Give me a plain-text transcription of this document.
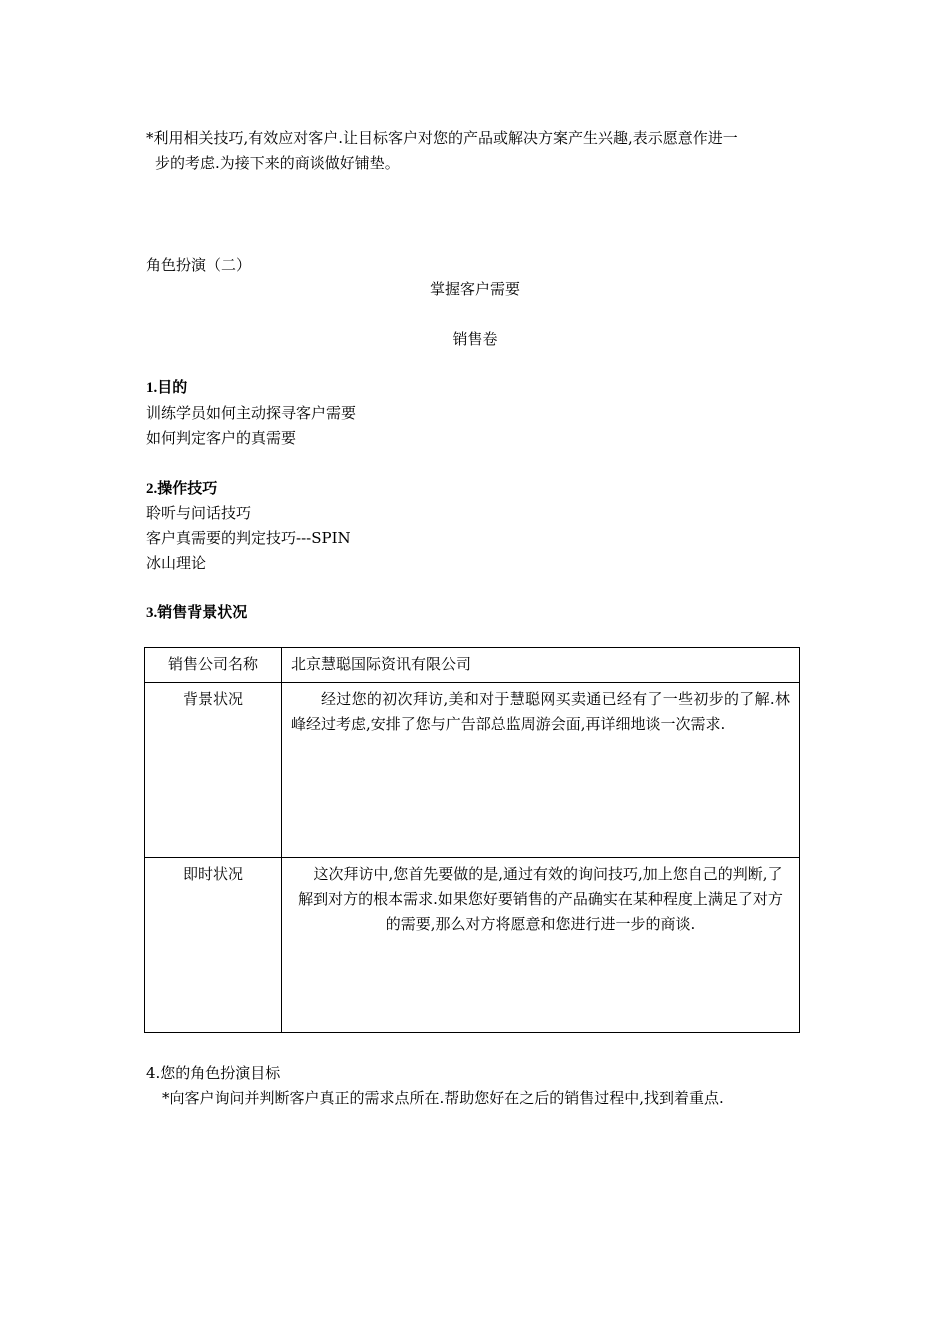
*利用相关技巧,有效应对客户.让目标客户对您的产品或解决方案产生兴趣,表示愿意作进一
步的考虑.为接下来的商谈做好铺垫。
角色扮演（二）
掌握客户需要
销售卷
1.目的
训练学员如何主动探寻客户需要
如何判定客户的真需要
2.操作技巧
聆听与问话技巧
客户真需要的判定技巧---SPIN
冰山理论
3.销售背景状况
销售公司名称	北京慧聪国际资讯有限公司
背景状况	经过您的初次拜访,美和对于慧聪网买卖通已经有了一些初步的了解.林峰经过考虑,安排了您与广告部总监周游会面,再详细地谈一次需求.

即时状况	这次拜访中,您首先要做的是,通过有效的询问技巧,加上您自己的判断,了解到对方的根本需求.如果您好要销售的产品确实在某种程度上满足了对方的需要,那么对方将愿意和您进行进一步的商谈.
4.您的角色扮演目标
*向客户询问并判断客户真正的需求点所在.帮助您好在之后的销售过程中,找到着重点.
